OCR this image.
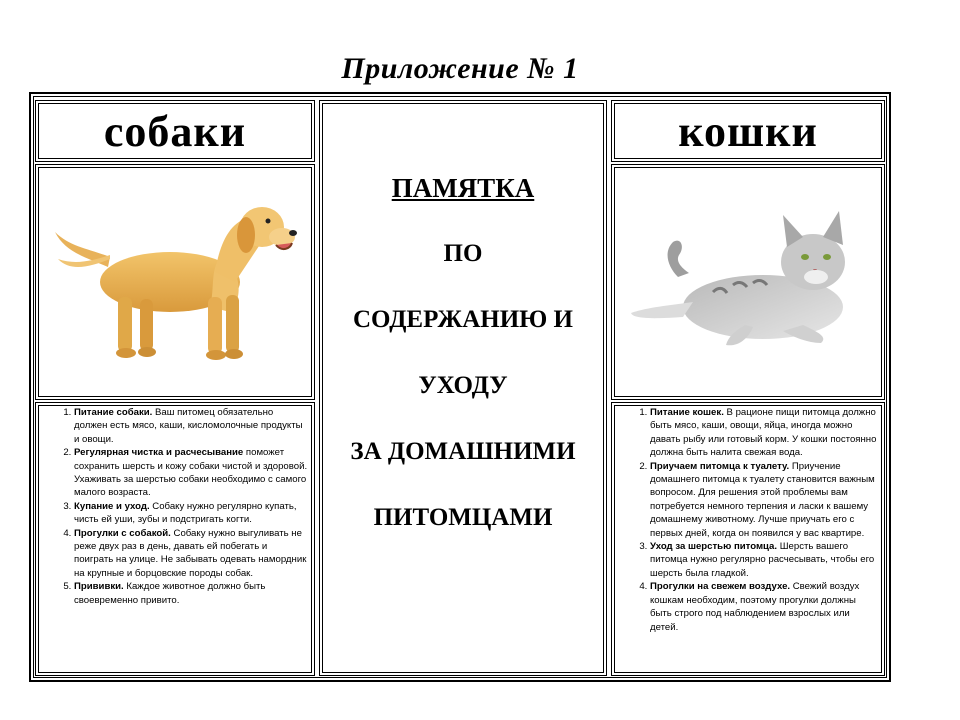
Приложение № 1
собаки
1. Питание собаки. Ваш питомец обязательно должен есть мясо, каши, кисломолочные продукты и овощи.
2. Регулярная чистка и расчесывание поможет сохранить шерсть и кожу собаки чистой и здоровой. Ухаживать за шерстью собаки необходимо с самого малого возраста.
3. Купание и уход. Собаку нужно регулярно купать, чисть ей уши, зубы и подстригать когти.
4. Прогулки с собакой. Собаку нужно выгуливать не реже двух раз в день, давать ей побегать и поиграть на улице. Не забывать одевать намордник на крупные и борцовские породы собак.
5. Прививки. Каждое животное должно быть своевременно привито.
ПАМЯТКА
ПО
СОДЕРЖАНИЮ И
УХОДУ
ЗА ДОМАШНИМИ
ПИТОМЦАМИ
кошки
1. Питание кошек. В рационе пищи питомца должно быть мясо, каши, овощи, яйца, иногда можно давать рыбу или готовый корм. У кошки постоянно должна быть налита свежая вода.
2. Приучаем питомца к туалету. Приучение домашнего питомца к туалету становится важным вопросом. Для решения этой проблемы вам потребуется немного терпения и ласки к вашему домашнему животному. Лучше приучать его с первых дней, когда он появился у вас квартире.
3. Уход за шерстью питомца. Шерсть вашего питомца нужно регулярно расчесывать, чтобы его шерсть была гладкой.
4. Прогулки на свежем воздухе. Свежий воздух кошкам необходим, поэтому прогулки должны быть строго под наблюдением взрослых или детей.
